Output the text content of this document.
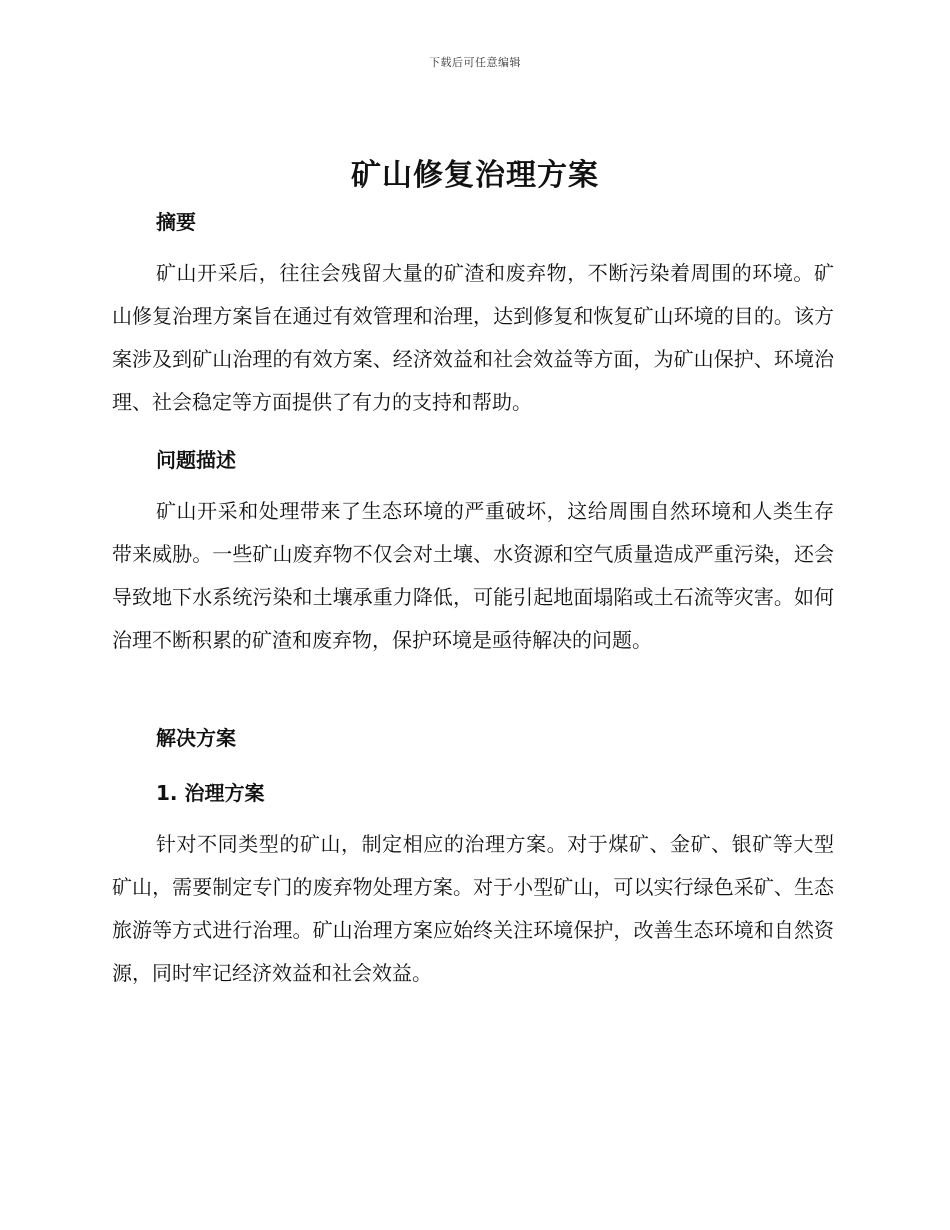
下载后可任意编辑
矿山修复治理方案
摘要

矿山开采后，往往会残留大量的矿渣和废弃物，不断污染着周围的环境。矿山修复治理方案旨在通过有效管理和治理，达到修复和恢复矿山环境的目的。该方案涉及到矿山治理的有效方案、经济效益和社会效益等方面，为矿山保护、环境治理、社会稳定等方面提供了有力的支持和帮助。

问题描述

矿山开采和处理带来了生态环境的严重破坏，这给周围自然环境和人类生存带来威胁。一些矿山废弃物不仅会对土壤、水资源和空气质量造成严重污染，还会导致地下水系统污染和土壤承重力降低，可能引起地面塌陷或土石流等灾害。如何治理不断积累的矿渣和废弃物，保护环境是亟待解决的问题。

解决方案
1. 治理方案

针对不同类型的矿山，制定相应的治理方案。对于煤矿、金矿、银矿等大型矿山，需要制定专门的废弃物处理方案。对于小型矿山，可以实行绿色采矿、生态旅游等方式进行治理。矿山治理方案应始终关注环境保护，改善生态环境和自然资源，同时牢记经济效益和社会效益。
